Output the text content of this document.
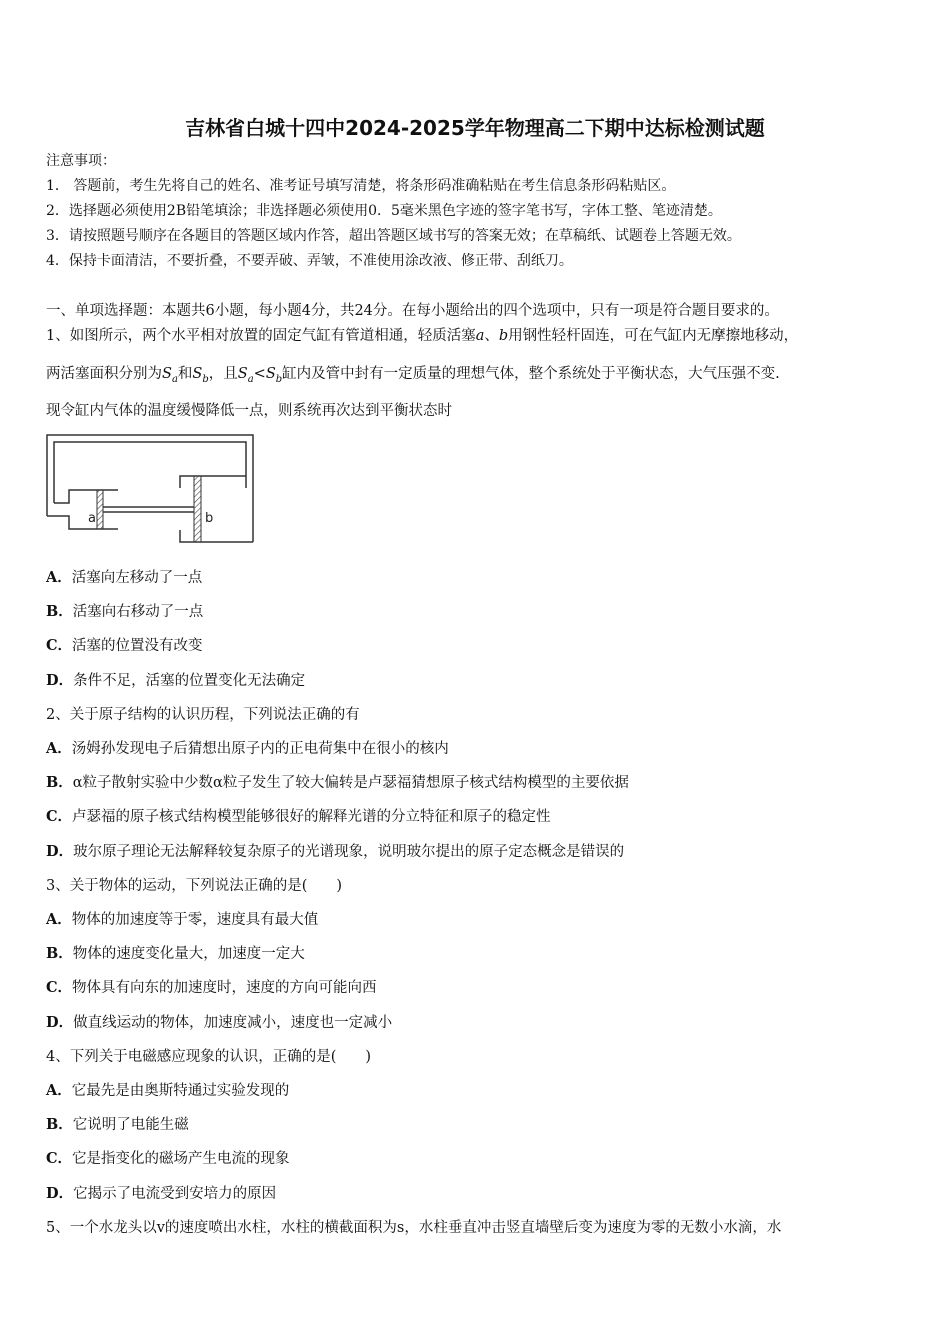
吉林省白城十四中2024-2025学年物理高二下期中达标检测试题
注意事项：
1． 答题前，考生先将自己的姓名、准考证号填写清楚，将条形码准确粘贴在考生信息条形码粘贴区。
2．选择题必须使用2B铅笔填涂；非选择题必须使用0．5毫米黑色字迹的签字笔书写，字体工整、笔迹清楚。
3．请按照题号顺序在各题目的答题区域内作答，超出答题区域书写的答案无效；在草稿纸、试题卷上答题无效。
4．保持卡面清洁，不要折叠，不要弄破、弄皱，不准使用涂改液、修正带、刮纸刀。
一、单项选择题：本题共6小题，每小题4分，共24分。在每小题给出的四个选项中，只有一项是符合题目要求的。
1、如图所示，两个水平相对放置的固定气缸有管道相通，轻质活塞a、b用钢性轻杆固连，可在气缸内无摩擦地移动，
两活塞面积分别为$S_a$和$S_b$，且$S_a<S_b$缸内及管中封有一定质量的理想气体，整个系统处于平衡状态，大气压强不变.
现令缸内气体的温度缓慢降低一点，则系统再次达到平衡状态时
a	b
A．活塞向左移动了一点
B．活塞向右移动了一点
C．活塞的位置没有改变
D．条件不足，活塞的位置变化无法确定
2、关于原子结构的认识历程，下列说法正确的有
A．汤姆孙发现电子后猜想出原子内的正电荷集中在很小的核内
B．α粒子散射实验中少数α粒子发生了较大偏转是卢瑟福猜想原子核式结构模型的主要依据
C．卢瑟福的原子核式结构模型能够很好的解释光谱的分立特征和原子的稳定性
D．玻尔原子理论无法解释较复杂原子的光谱现象，说明玻尔提出的原子定态概念是错误的
3、关于物体的运动，下列说法正确的是(　　)
A．物体的加速度等于零，速度具有最大值
B．物体的速度变化量大，加速度一定大
C．物体具有向东的加速度时，速度的方向可能向西
D．做直线运动的物体，加速度减小，速度也一定减小
4、下列关于电磁感应现象的认识，正确的是(　　)
A．它最先是由奥斯特通过实验发现的
B．它说明了电能生磁
C．它是指变化的磁场产生电流的现象
D．它揭示了电流受到安培力的原因
5、一个水龙头以v的速度喷出水柱，水柱的横截面积为s，水柱垂直冲击竖直墙壁后变为速度为零的无数小水滴，水
